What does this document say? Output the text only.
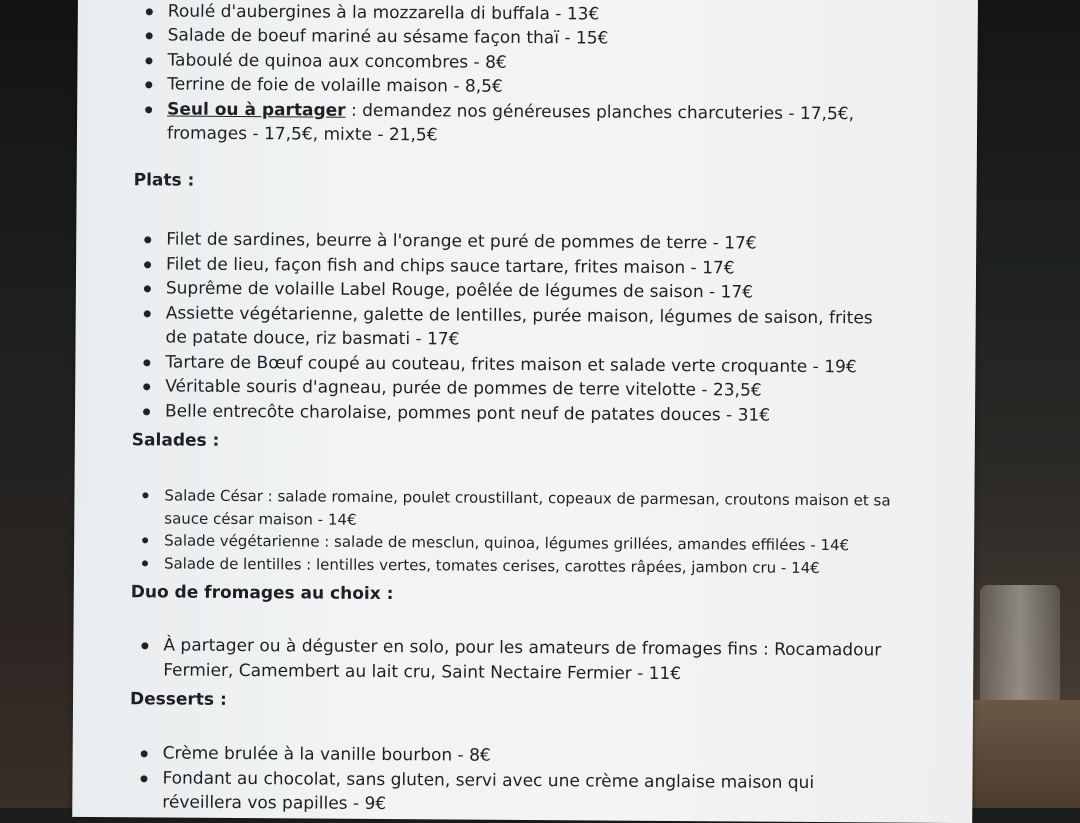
Roulé d'aubergines à la mozzarella di buffala - 13€
Salade de boeuf mariné au sésame façon thaï - 15€
Taboulé de quinoa aux concombres - 8€
Terrine de foie de volaille maison - 8,5€
Seul ou à partager : demandez nos généreuses planches charcuteries - 17,5€, fromages - 17,5€, mixte - 21,5€
Plats :
Filet de sardines, beurre à l'orange et puré de pommes de terre - 17€
Filet de lieu, façon fish and chips sauce tartare, frites maison - 17€
Suprême de volaille Label Rouge, poêlée de légumes de saison - 17€
Assiette végétarienne, galette de lentilles, purée maison, légumes de saison, frites de patate douce, riz basmati - 17€
Tartare de Bœuf coupé au couteau, frites maison et salade verte croquante - 19€
Véritable souris d'agneau, purée de pommes de terre vitelotte - 23,5€
Belle entrecôte charolaise, pommes pont neuf de patates douces - 31€
Salades :
Salade César : salade romaine, poulet croustillant, copeaux de parmesan, croutons maison et sa sauce césar maison - 14€
Salade végétarienne : salade de mesclun, quinoa, légumes grillées, amandes effilées - 14€
Salade de lentilles : lentilles vertes, tomates cerises, carottes râpées, jambon cru - 14€
Duo de fromages au choix :
À partager ou à déguster en solo, pour les amateurs de fromages fins : Rocamadour Fermier, Camembert au lait cru, Saint Nectaire Fermier - 11€
Desserts :
Crème brulée à la vanille bourbon - 8€
Fondant au chocolat, sans gluten, servi avec une crème anglaise maison qui réveillera vos papilles - 9€
